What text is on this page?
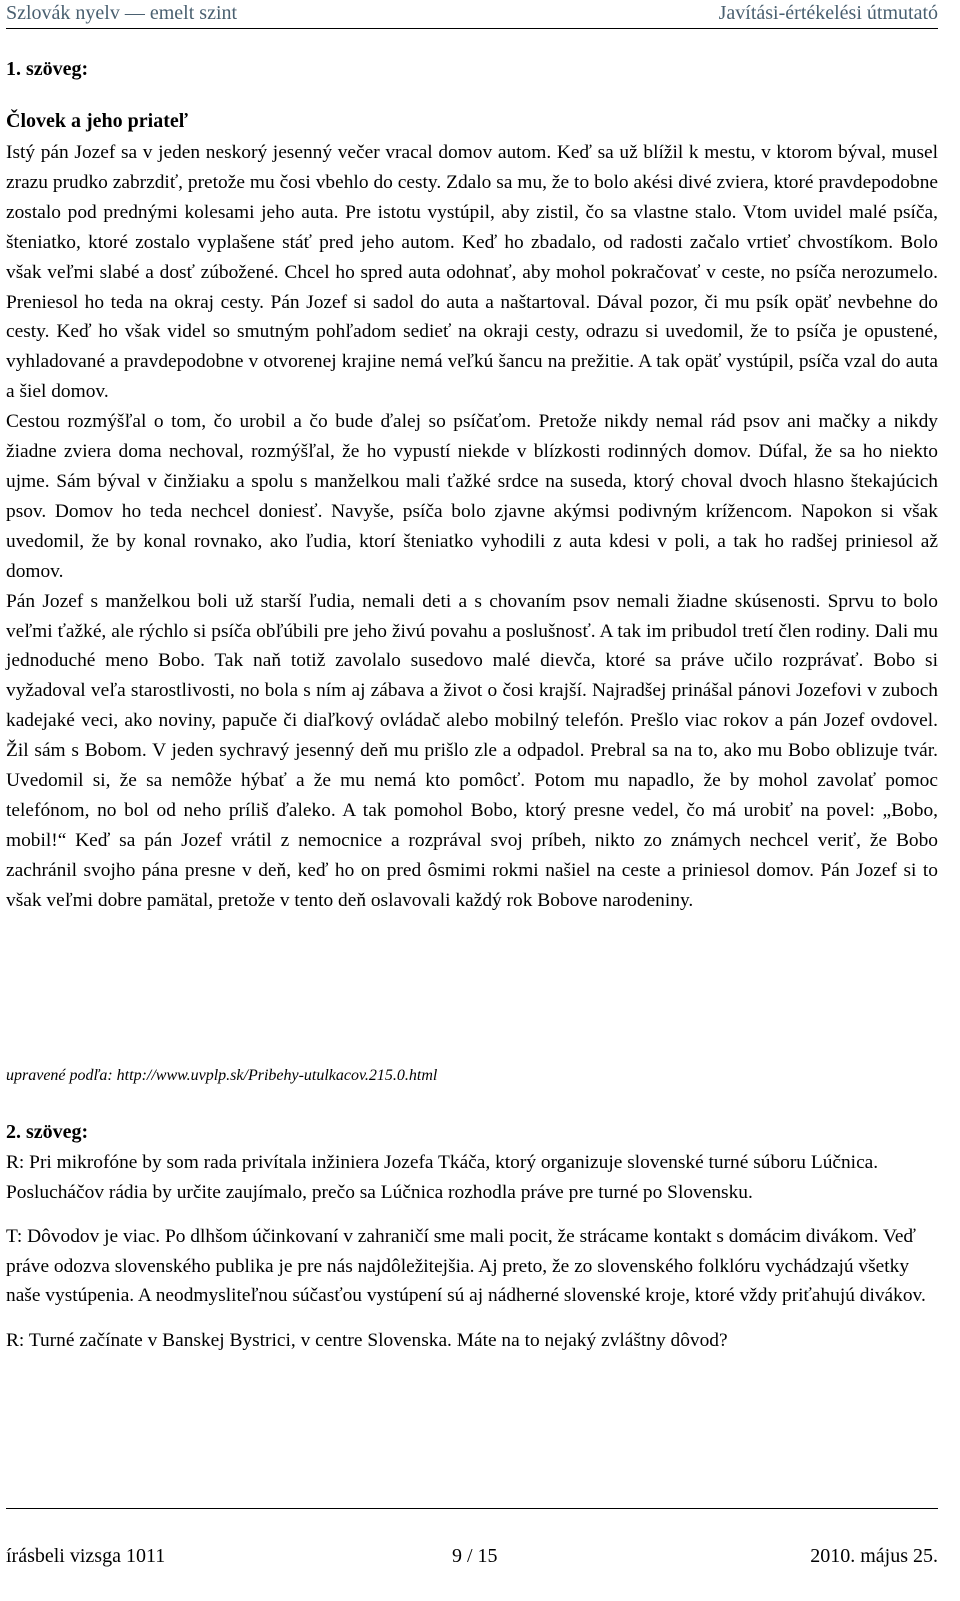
Szlovák nyelv — emelt szint	Javítási-értékelési útmutató
1. szöveg:
Človek a jeho priateľ

Istý pán Jozef sa v jeden neskorý jesenný večer vracal domov autom. Keď sa už blížil k mestu, v ktorom býval, musel zrazu prudko zabrzdiť, pretože mu čosi vbehlo do cesty. Zdalo sa mu, že to bolo akési divé zviera, ktoré pravdepodobne zostalo pod prednými kolesami jeho auta. Pre istotu vystúpil, aby zistil, čo sa vlastne stalo. Vtom uvidel malé psíča, šteniatko, ktoré zostalo vyplašene stáť pred jeho autom. Keď ho zbadalo, od radosti začalo vrtieť chvostíkom. Bolo však veľmi slabé a dosť zúbožené. Chcel ho spred auta odohnať, aby mohol pokračovať v ceste, no psíča nerozumelo. Preniesol ho teda na okraj cesty. Pán Jozef si sadol do auta a naštartoval. Dával pozor, či mu psík opäť nevbehne do cesty. Keď ho však videl so smutným pohľadom sedieť na okraji cesty, odrazu si uvedomil, že to psíča je opustené, vyhladované a pravdepodobne v otvorenej krajine nemá veľkú šancu na prežitie. A tak opäť vystúpil, psíča vzal do auta a šiel domov.

Cestou rozmýšľal o tom, čo urobil a čo bude ďalej so psíčaťom. Pretože nikdy nemal rád psov ani mačky a nikdy žiadne zviera doma nechoval, rozmýšľal, že ho vypustí niekde v blízkosti rodinných domov. Dúfal, že sa ho niekto ujme. Sám býval v činžiaku a spolu s manželkou mali ťažké srdce na suseda, ktorý choval dvoch hlasno štekajúcich psov. Domov ho teda nechcel doniesť. Navyše, psíča bolo zjavne akýmsi podivným krížencom. Napokon si však uvedomil, že by konal rovnako, ako ľudia, ktorí šteniatko vyhodili z auta kdesi v poli, a tak ho radšej priniesol až domov.

Pán Jozef s manželkou boli už starší ľudia, nemali deti a s chovaním psov nemali žiadne skúsenosti. Sprvu to bolo veľmi ťažké, ale rýchlo si psíča obľúbili pre jeho živú povahu a poslušnosť. A tak im pribudol tretí člen rodiny. Dali mu jednoduché meno Bobo. Tak naň totiž zavolalo susedovo malé dievča, ktoré sa práve učilo rozprávať. Bobo si vyžadoval veľa starostlivosti, no bola s ním aj zábava a život o čosi krajší. Najradšej prinášal pánovi Jozefovi v zuboch kadejaké veci, ako noviny, papuče či diaľkový ovládač alebo mobilný telefón. Prešlo viac rokov a pán Jozef ovdovel. Žil sám s Bobom. V jeden sychravý jesenný deň mu prišlo zle a odpadol. Prebral sa na to, ako mu Bobo oblizuje tvár. Uvedomil si, že sa nemôže hýbať a že mu nemá kto pomôcť. Potom mu napadlo, že by mohol zavolať pomoc telefónom, no bol od neho príliš ďaleko. A tak pomohol Bobo, ktorý presne vedel, čo má urobiť na povel: „Bobo, mobil!“ Keď sa pán Jozef vrátil z nemocnice a rozprával svoj príbeh, nikto zo známych nechcel veriť, že Bobo zachránil svojho pána presne v deň, keď ho on pred ôsmimi rokmi našiel na ceste a priniesol domov. Pán Jozef si to však veľmi dobre pamätal, pretože v tento deň oslavovali každý rok Bobove narodeniny.

upravené podľa: http://www.uvplp.sk/Pribehy-utulkacov.215.0.html
2. szöveg:

R: Pri mikrofóne by som rada privítala inžiniera Jozefa Tkáča, ktorý organizuje slovenské turné súboru Lúčnica. Poslucháčov rádia by určite zaujímalo, prečo sa Lúčnica rozhodla práve pre turné po Slovensku.

T: Dôvodov je viac. Po dlhšom účinkovaní v zahraničí sme mali pocit, že strácame kontakt s domácim divákom. Veď práve odozva slovenského publika je pre nás najdôležitejšia. Aj preto, že zo slovenského folklóru vychádzajú všetky naše vystúpenia. A neodmysliteľnou súčasťou vystúpení sú aj nádherné slovenské kroje, ktoré vždy priťahujú divákov.

R: Turné začínate v Banskej Bystrici, v centre Slovenska. Máte na to nejaký zvláštny dôvod?

írásbeli vizsga 1011	9 / 15	2010. május 25.
